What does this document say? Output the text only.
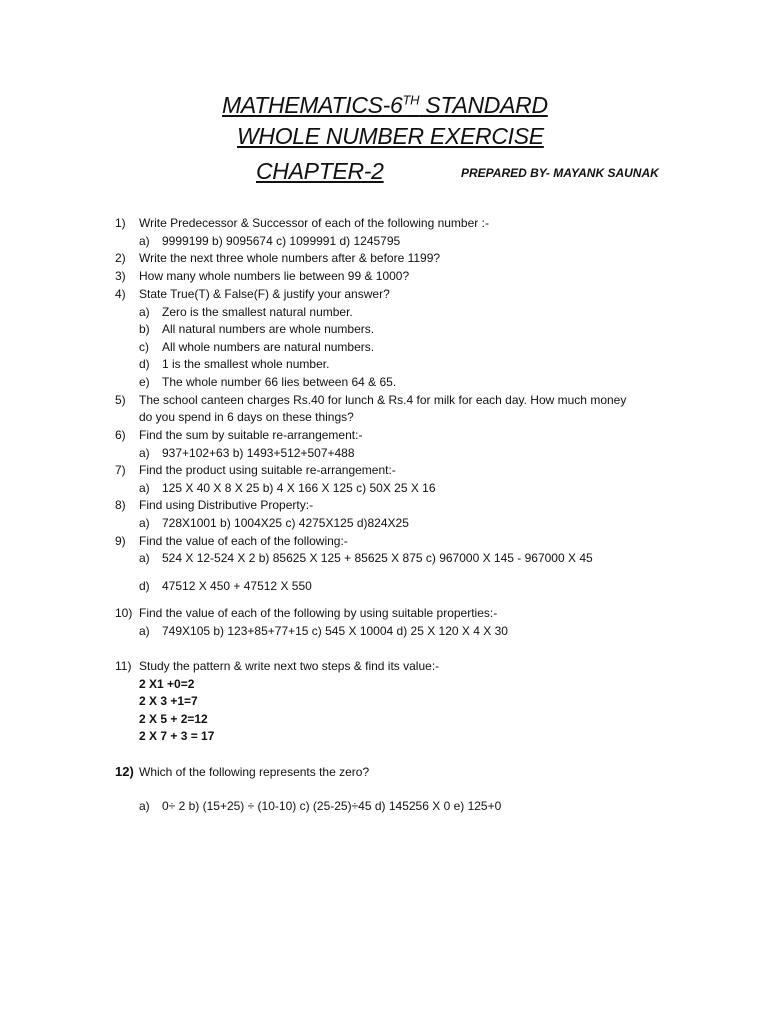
MATHEMATICS-6TH STANDARD
WHOLE NUMBER EXERCISE
CHAPTER-2	PREPARED BY- MAYANK SAUNAK
1)	Write Predecessor & Successor of each of the following number :-
a)	9999199 b) 9095674 c) 1099991 d) 1245795
2)	Write the next three whole numbers after & before 1199?
3)	How many whole numbers lie between 99 & 1000?
4)	State True(T) & False(F) & justify your answer?
a)	Zero is the smallest natural number.
b)	All natural numbers are whole numbers.
c)	All whole numbers are natural numbers.
d)	1 is the smallest whole number.
e)	The whole number 66 lies between 64 & 65.
5)	The school canteen charges Rs.40 for lunch & Rs.4 for milk for each day. How much money
do you spend in 6 days on these things?
6)	Find the sum by suitable re-arrangement:-
a)	937+102+63 b) 1493+512+507+488
7)	Find the product using suitable re-arrangement:-
a)	125 X 40 X 8 X 25 b) 4 X 166 X 125 c) 50X 25 X 16
8)	Find using Distributive Property:-
a)	728X1001 b) 1004X25 c) 4275X125 d)824X25
9)	Find the value of each of the following:-
a)	524 X 12-524 X 2 b) 85625 X 125 + 85625 X 875 c) 967000 X 145 - 967000 X 45
d)	47512 X 450 + 47512 X 550
10) Find the value of each of the following by using suitable properties:-
a)	749X105 b) 123+85+77+15 c) 545 X 10004 d) 25 X 120 X 4 X 30
11) Study the pattern & write next two steps & find its value:-
2 X1 +0=2
2 X 3 +1=7
2 X 5 + 2=12
2 X 7 + 3 = 17
12) Which of the following represents the zero?
a)	0÷ 2 b) (15+25) ÷ (10-10) c) (25-25)÷45 d) 145256 X 0 e) 125+0
